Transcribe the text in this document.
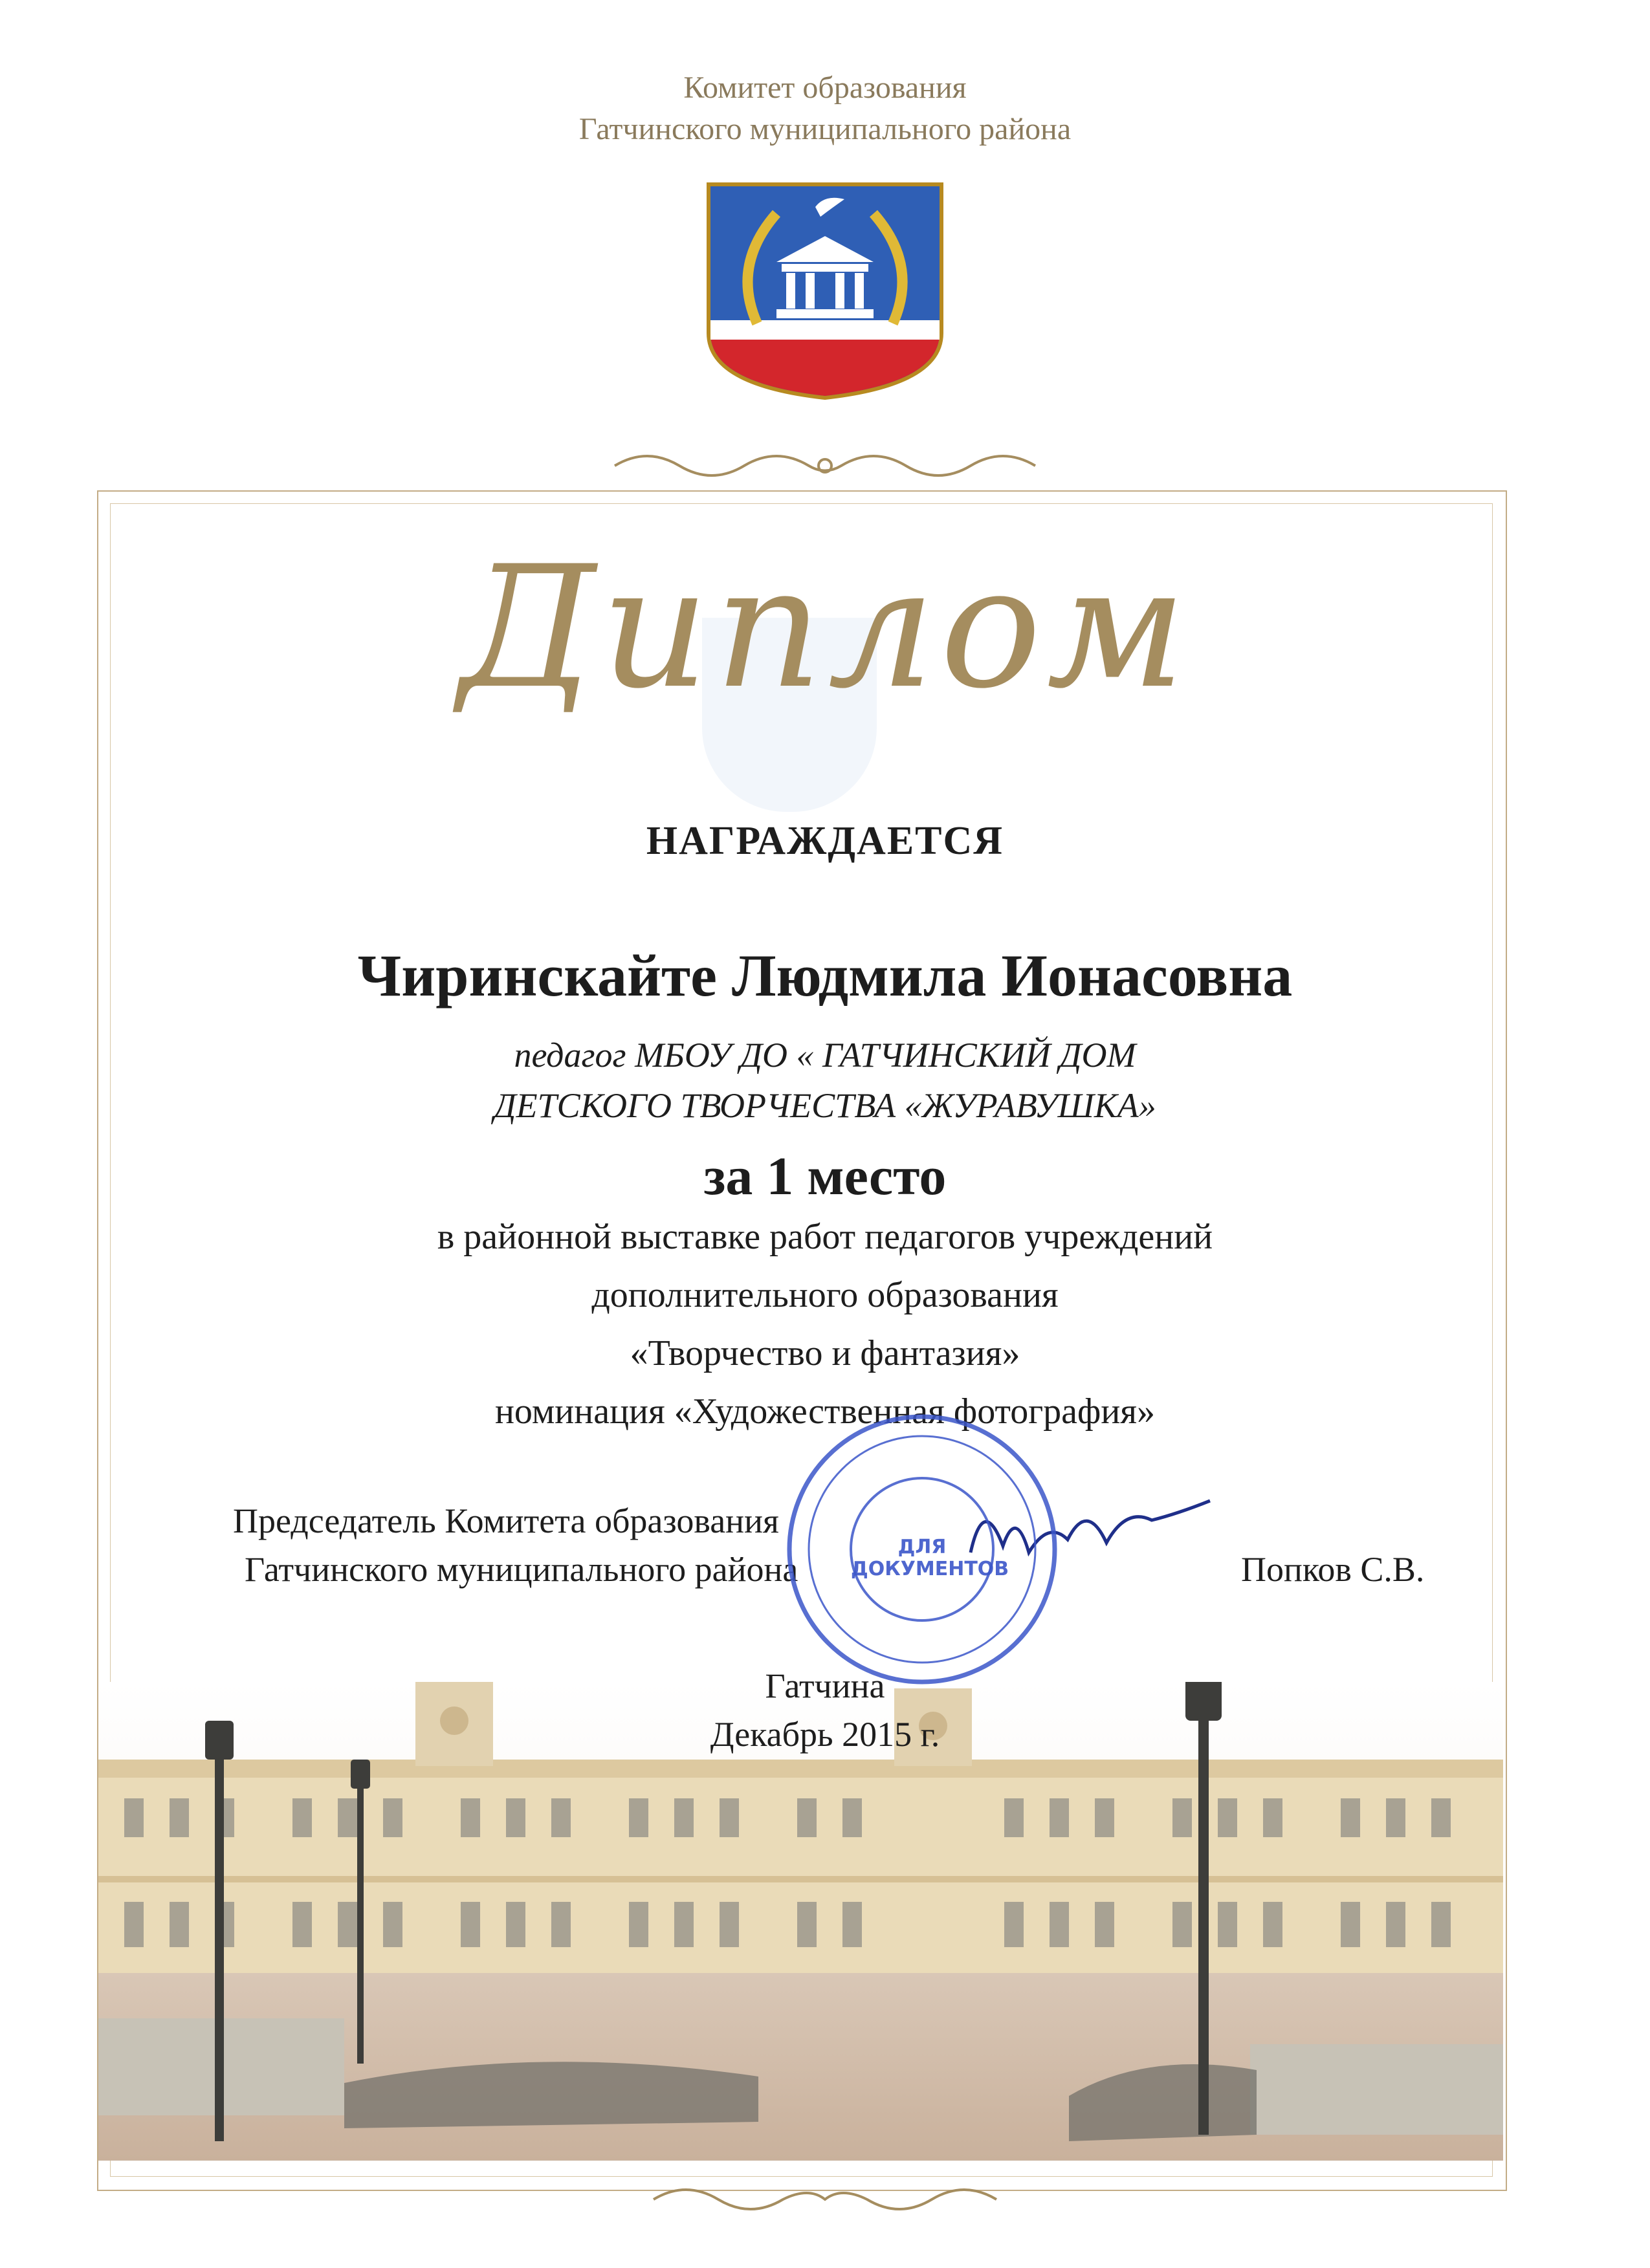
Комитет образования
Гатчинского муниципального района
Диплом
НАГРАЖДАЕТСЯ
Чиринскайте Людмила Ионасовна
педагог МБОУ ДО « ГАТЧИНСКИЙ ДОМ
ДЕТСКОГО ТВОРЧЕСТВА «ЖУРАВУШКА»
за 1 место
в районной выставке работ педагогов учреждений
дополнительного образования
«Творчество и фантазия»
номинация «Художественная фотография»
Председатель Комитета образования
Гатчинского муниципального района	Попков С.В.
ДЛЯ ДОКУМЕНТОВ
Гатчина
Декабрь 2015 г.
